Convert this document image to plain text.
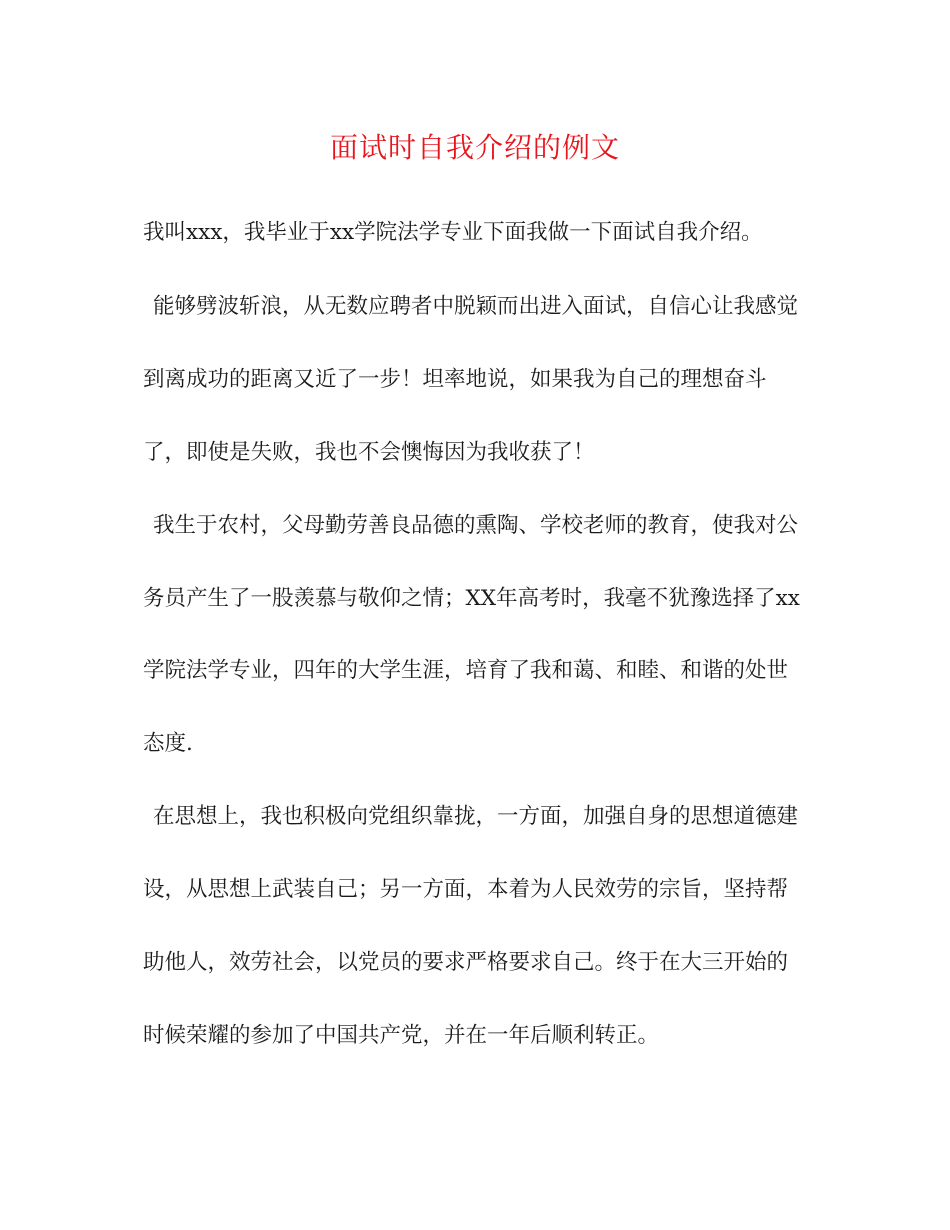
面试时自我介绍的例文
我叫xxx，我毕业于xx学院法学专业下面我做一下面试自我介绍。
能够劈波斩浪，从无数应聘者中脱颖而出进入面试，自信心让我感觉
到离成功的距离又近了一步！坦率地说，如果我为自己的理想奋斗
了，即使是失败，我也不会懊悔因为我收获了！
我生于农村，父母勤劳善良品德的熏陶、学校老师的教育，使我对公
务员产生了一股羡慕与敬仰之情；XX年高考时，我毫不犹豫选择了xx
学院法学专业，四年的大学生涯，培育了我和蔼、和睦、和谐的处世
态度.
在思想上，我也积极向党组织靠拢，一方面，加强自身的思想道德建
设，从思想上武装自己；另一方面，本着为人民效劳的宗旨，坚持帮
助他人，效劳社会，以党员的要求严格要求自己。终于在大三开始的
时候荣耀的参加了中国共产党，并在一年后顺利转正。
